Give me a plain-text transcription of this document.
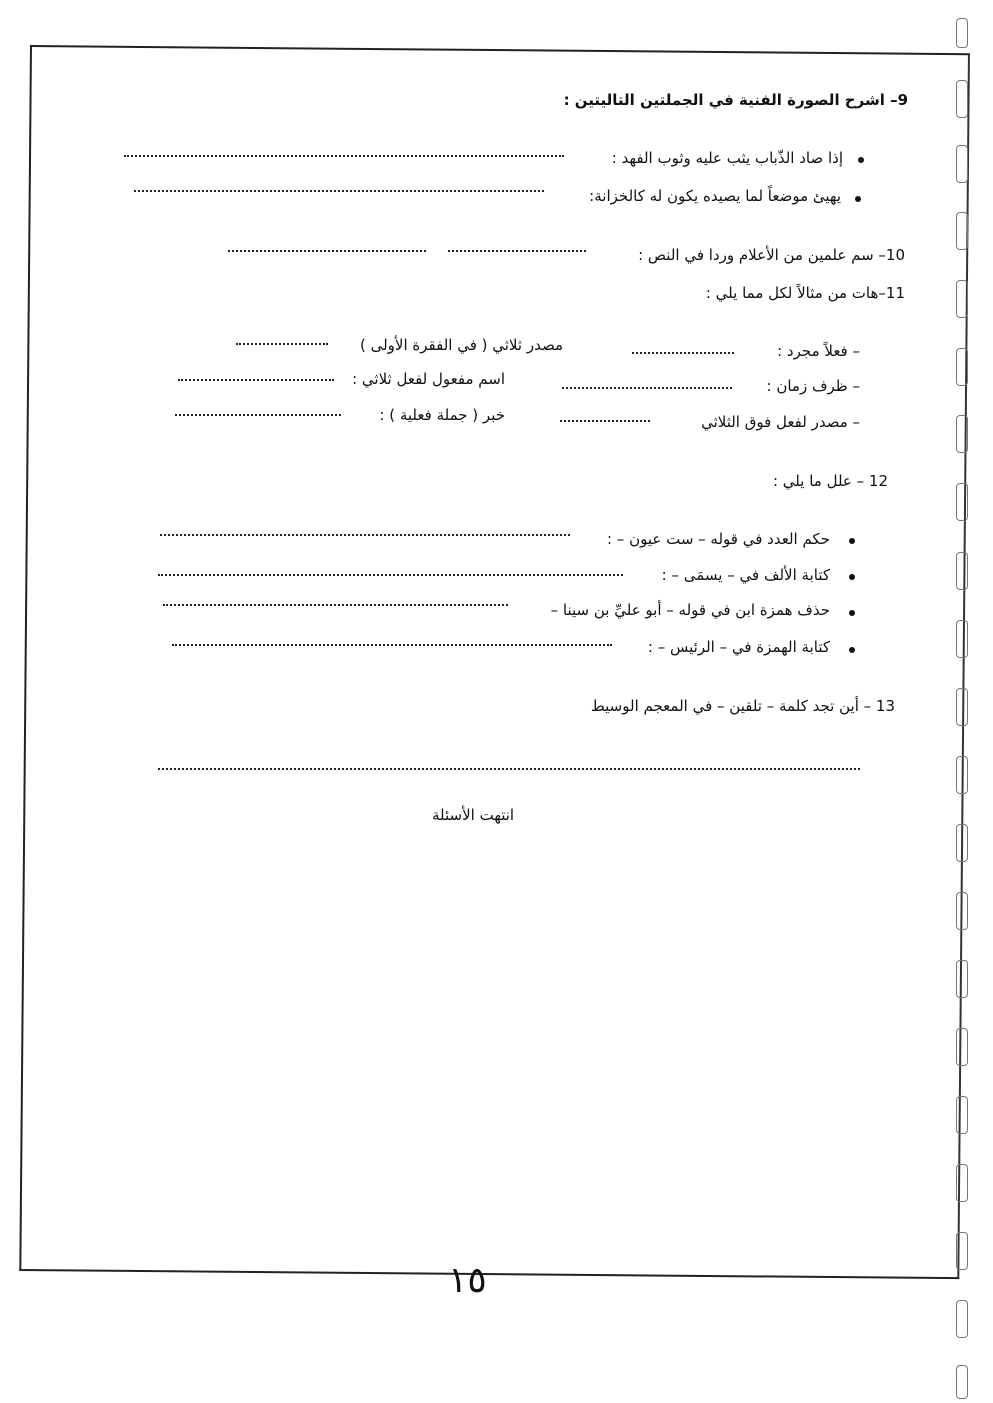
9– اشرح الصورة الفنية في الجملتين التاليتين :
إذا صاد الذّباب يثب عليه وثوب الفهد :
يهيئ موضعاً لما يصيده يكون له كالخزانة:
10– سم علمين من الأعلام وردا في النص :
11–هات من مثالاً لكل مما يلي :
– فعلاً مجرد :
مصدر ثلاثي ( في الفقرة الأولى )
– ظرف زمان :
اسم مفعول لفعل ثلاثي :
– مصدر لفعل فوق الثلاثي
خبر ( جملة فعلية ) :
12 – علل ما يلي :
حكم العدد في قوله – ست عيون – :
كتابة الألف في – يسمَى – :
حذف همزة ابن في قوله – أبو عليِّ بن سينا –
كتابة الهمزة في – الرئيس – :
13 – أين تجد كلمة – تلقين – في المعجم الوسيط
انتهت الأسئلة
١٥
